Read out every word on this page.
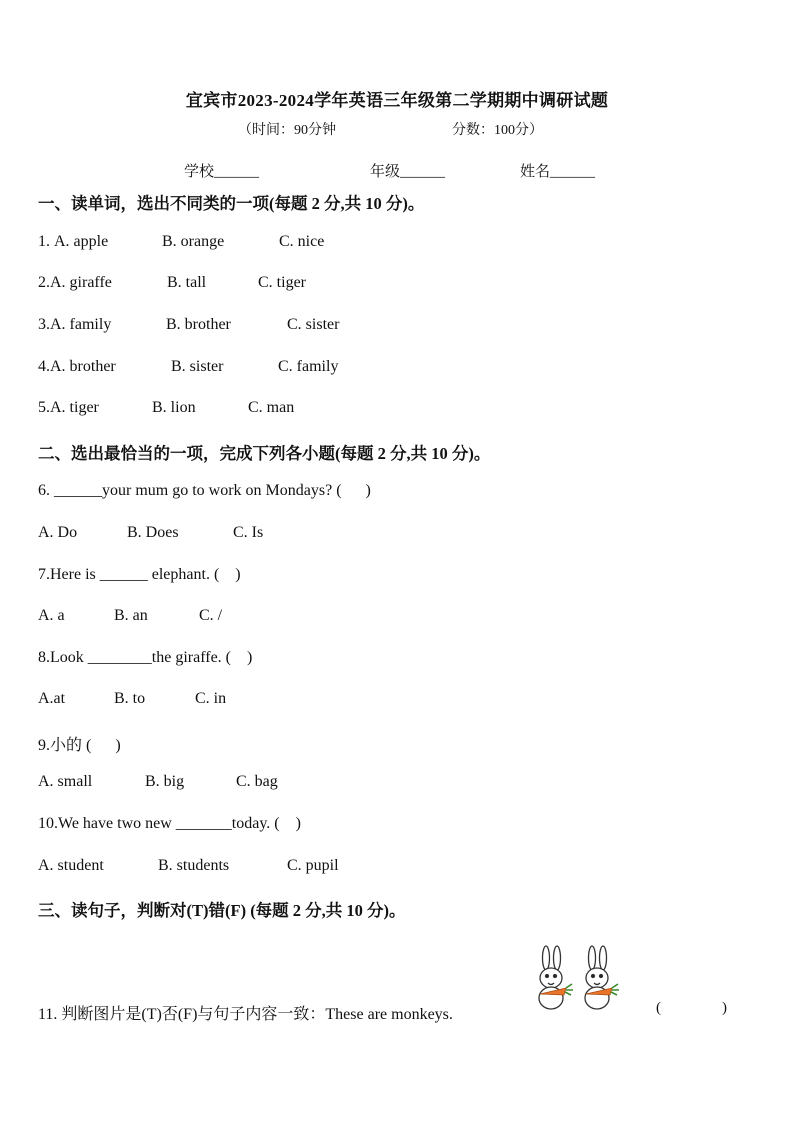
宜宾市2023-2024学年英语三年级第二学期期中调研试题
（时间：90分钟	分数：100分）
学校______	年级______	姓名______
一、读单词，选出不同类的一项(每题 2 分,共 10 分)。
1. A. apple	B. orange	C. nice
2.A. giraffe	B. tall	C. tiger
3.A. family	B. brother	C. sister
4.A. brother	B. sister	C. family
5.A. tiger	B. lion	C. man
二、选出最恰当的一项，完成下列各小题(每题 2 分,共 10 分)。
6. ______your mum go to work on Mondays? (      )
A. Do	B. Does	C. Is
7.Here is ______ elephant. (    )
A. a	B. an	C. /
8.Look ________the giraffe. (    )
A.at	B. to	C. in
9.小的 (      )
A. small	B. big	C. bag
10.We have two new _______today. (    )
A. student	B. students	C. pupil
三、读句子，判断对(T)错(F) (每题 2 分,共 10 分)。
11. 判断图片是(T)否(F)与句子内容一致：These are monkeys.	(	)
